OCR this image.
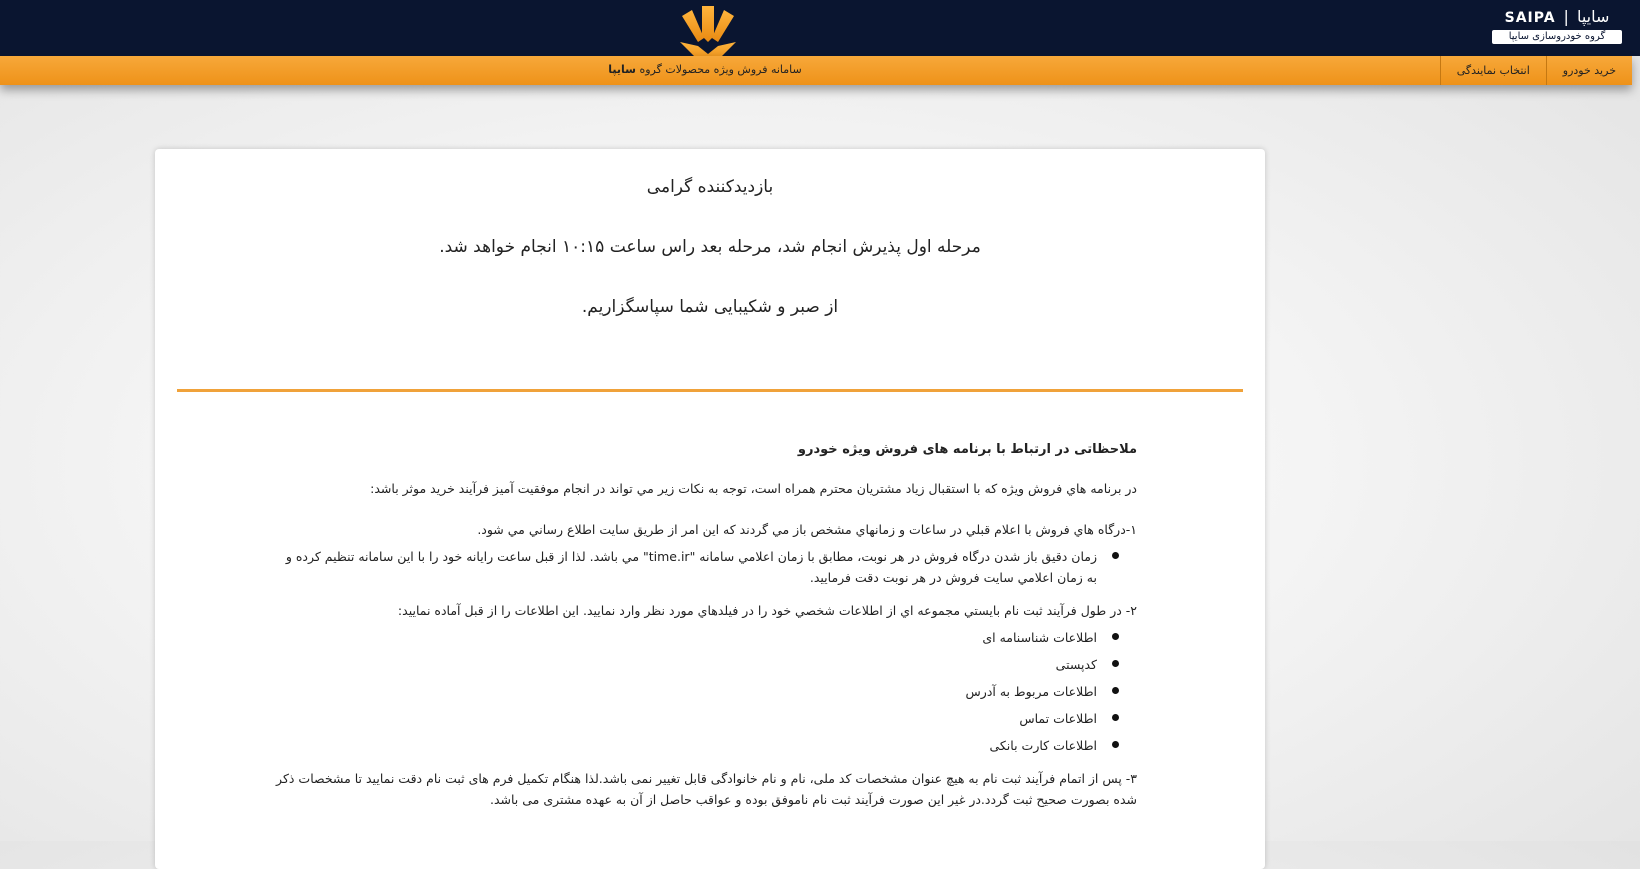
SAIPA | سایپا
گروه خودروسازی سایپا
سامانه فروش ویژه محصولات گروه سایپا	خرید خودرو
انتخاب نمایندگی
بازدیدکننده گرامی
مرحله اول پذیرش انجام شد، مرحله بعد راس ساعت ۱۰:۱۵ انجام خواهد شد.
از صبر و شکیبایی شما سپاسگزاریم.
ملاحظاتی در ارتباط با برنامه های فروش ویژه خودرو

در برنامه هاي فروش ويژه که با استقبال زياد مشتريان محترم همراه است، توجه به نکات زير مي تواند در انجام موفقيت آميز فرآيند خريد موثر باشد:

۱-درگاه هاي فروش با اعلام قبلي در ساعات و زمانهاي مشخص باز مي گردند که اين امر از طريق سايت اطلاع رساني مي شود.

زمان دقيق باز شدن درگاه فروش در هر نوبت، مطابق با زمان اعلامي سامانه "time.ir" مي باشد. لذا از قبل ساعت رايانه خود را با اين سامانه تنظيم کرده و به زمان اعلامي سايت فروش در هر نوبت دقت فرماييد.

۲- در طول فرآيند ثبت نام بايستي مجموعه اي از اطلاعات شخصي خود را در فيلدهاي مورد نظر وارد نماييد. اين اطلاعات را از قبل آماده نماييد:

اطلاعات شناسنامه ای
کدپستی
اطلاعات مربوط به آدرس
اطلاعات تماس
اطلاعات کارت بانکی

۳- پس از اتمام فرآیند ثبت نام به هیچ عنوان مشخصات کد ملی، نام و نام خانوادگی قابل تغییر نمی باشد.لذا هنگام تکمیل فرم های ثبت نام دقت نمایید تا مشخصات ذکر شده بصورت صحیح ثبت گردد.در غیر این صورت فرآیند ثبت نام ناموفق بوده و عواقب حاصل از آن به عهده مشتری می باشد.
